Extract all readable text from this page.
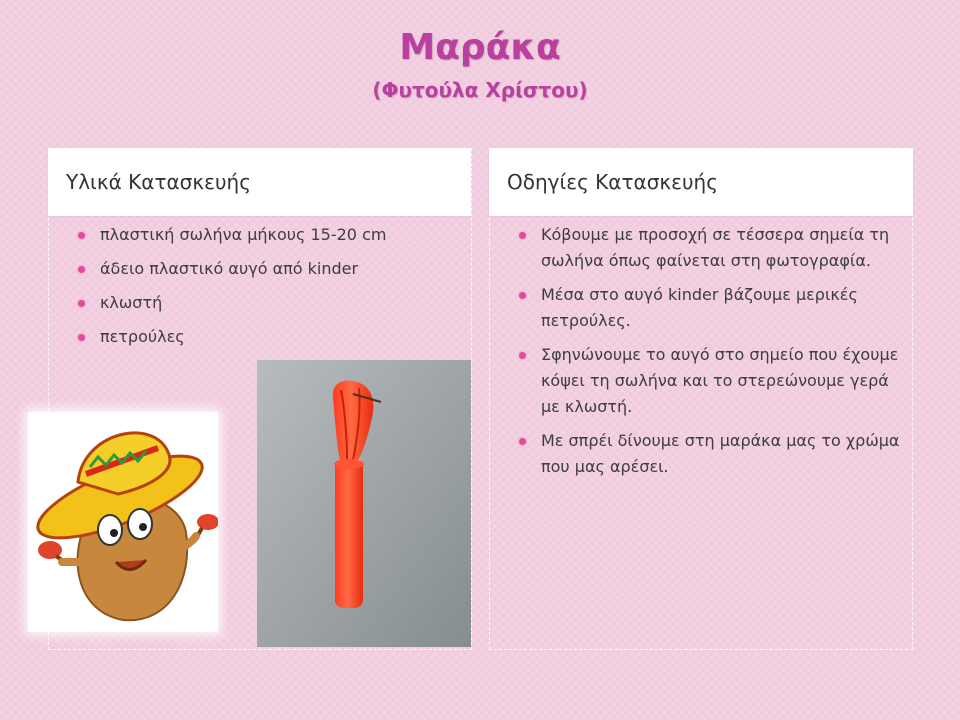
Μαράκα
(Φυτούλα Χρίστου)
Υλικά Κατασκευής
πλαστική σωλήνα μήκους 15-20 cm
άδειο πλαστικό αυγό από kinder
κλωστή
πετρούλες
Οδηγίες Κατασκευής
Κόβουμε με προσοχή σε τέσσερα σημεία τη σωλήνα όπως φαίνεται στη φωτογραφία.
Μέσα στο αυγό kinder βάζουμε μερικές πετρούλες.
Σφηνώνουμε το αυγό στο σημείο που έχουμε κόψει τη σωλήνα και το στερεώνουμε γερά με κλωστή.
Με σπρέι δίνουμε στη μαράκα μας το χρώμα που μας αρέσει.
